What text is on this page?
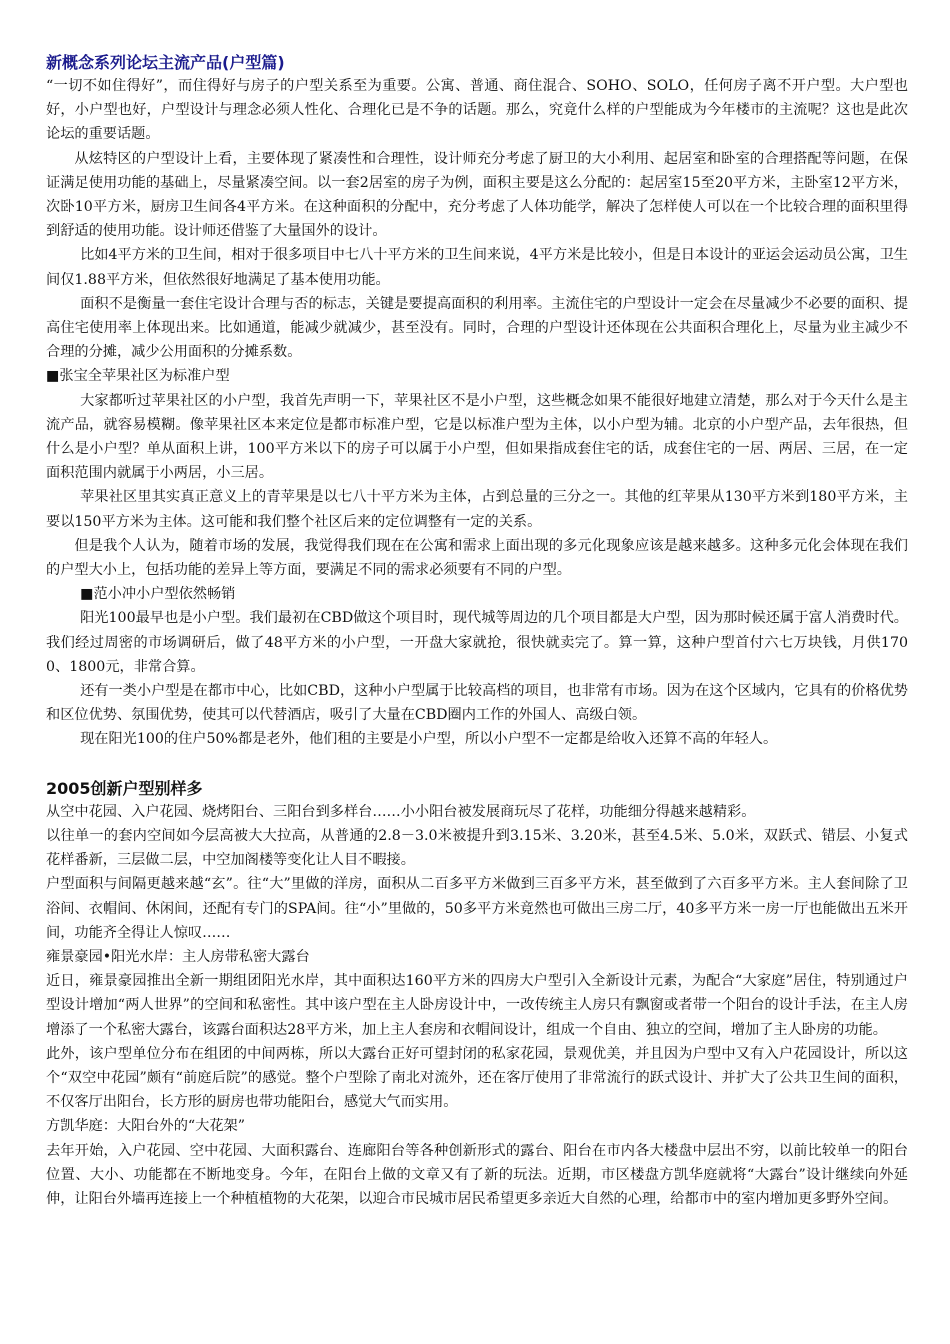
新概念系列论坛主流产品(户型篇)

“一切不如住得好”，而住得好与房子的户型关系至为重要。公寓、普通、商住混合、SOHO、SOLO，任何房子离不开户型。大户型也好，小户型也好，户型设计与理念必须人性化、合理化已是不争的话题。那么，究竟什么样的户型能成为今年楼市的主流呢？这也是此次论坛的重要话题。

从炫特区的户型设计上看，主要体现了紧凑性和合理性，设计师充分考虑了厨卫的大小利用、起居室和卧室的合理搭配等问题，在保证满足使用功能的基础上，尽量紧凑空间。以一套2居室的房子为例，面积主要是这么分配的：起居室15至20平方米，主卧室12平方米，次卧10平方米，厨房卫生间各4平方米。在这种面积的分配中，充分考虑了人体功能学，解决了怎样使人可以在一个比较合理的面积里得到舒适的使用功能。设计师还借鉴了大量国外的设计。

比如4平方米的卫生间，相对于很多项目中七八十平方米的卫生间来说，4平方米是比较小，但是日本设计的亚运会运动员公寓，卫生间仅1.88平方米，但依然很好地满足了基本使用功能。

面积不是衡量一套住宅设计合理与否的标志，关键是要提高面积的利用率。主流住宅的户型设计一定会在尽量减少不必要的面积、提高住宅使用率上体现出来。比如通道，能减少就减少，甚至没有。同时，合理的户型设计还体现在公共面积合理化上，尽量为业主减少不合理的分摊，减少公用面积的分摊系数。

■张宝全苹果社区为标准户型

大家都听过苹果社区的小户型，我首先声明一下，苹果社区不是小户型，这些概念如果不能很好地建立清楚，那么对于今天什么是主流产品，就容易模糊。像苹果社区本来定位是都市标准户型，它是以标准户型为主体，以小户型为辅。北京的小户型产品，去年很热，但什么是小户型？单从面积上讲，100平方米以下的房子可以属于小户型，但如果指成套住宅的话，成套住宅的一居、两居、三居，在一定面积范围内就属于小两居，小三居。

苹果社区里其实真正意义上的青苹果是以七八十平方米为主体，占到总量的三分之一。其他的红苹果从130平方米到180平方米，主要以150平方米为主体。这可能和我们整个社区后来的定位调整有一定的关系。

但是我个人认为，随着市场的发展，我觉得我们现在在公寓和需求上面出现的多元化现象应该是越来越多。这种多元化会体现在我们的户型大小上，包括功能的差异上等方面，要满足不同的需求必须要有不同的户型。

■范小冲小户型依然畅销

阳光100最早也是小户型。我们最初在CBD做这个项目时，现代城等周边的几个项目都是大户型，因为那时候还属于富人消费时代。我们经过周密的市场调研后，做了48平方米的小户型，一开盘大家就抢，很快就卖完了。算一算，这种户型首付六七万块钱，月供1700、1800元，非常合算。

还有一类小户型是在都市中心，比如CBD，这种小户型属于比较高档的项目，也非常有市场。因为在这个区域内，它具有的价格优势和区位优势、氛围优势，使其可以代替酒店，吸引了大量在CBD圈内工作的外国人、高级白领。

现在阳光100的住户50%都是老外，他们租的主要是小户型，所以小户型不一定都是给收入还算不高的年轻人。

2005创新户型别样多

从空中花园、入户花园、烧烤阳台、三阳台到多样台……小小阳台被发展商玩尽了花样，功能细分得越来越精彩。

以往单一的套内空间如今层高被大大拉高，从普通的2.8－3.0米被提升到3.15米、3.20米，甚至4.5米、5.0米，双跃式、错层、小复式花样番新，三层做二层，中空加阁楼等变化让人目不暇接。

户型面积与间隔更越来越“玄”。往“大”里做的洋房，面积从二百多平方米做到三百多平方米，甚至做到了六百多平方米。主人套间除了卫浴间、衣帽间、休闲间，还配有专门的SPA间。往“小”里做的，50多平方米竟然也可做出三房二厅，40多平方米一房一厅也能做出五米开间，功能齐全得让人惊叹……

雍景豪园•阳光水岸：主人房带私密大露台

近日，雍景豪园推出全新一期组团阳光水岸，其中面积达160平方米的四房大户型引入全新设计元素，为配合“大家庭”居住，特别通过户型设计增加“两人世界”的空间和私密性。其中该户型在主人卧房设计中，一改传统主人房只有飘窗或者带一个阳台的设计手法，在主人房增添了一个私密大露台，该露台面积达28平方米，加上主人套房和衣帽间设计，组成一个自由、独立的空间，增加了主人卧房的功能。

此外，该户型单位分布在组团的中间两栋，所以大露台正好可望封闭的私家花园，景观优美，并且因为户型中又有入户花园设计，所以这个“双空中花园”颇有“前庭后院”的感觉。整个户型除了南北对流外，还在客厅使用了非常流行的跃式设计、并扩大了公共卫生间的面积，不仅客厅出阳台，长方形的厨房也带功能阳台，感觉大气而实用。

方凯华庭：大阳台外的“大花架”

去年开始，入户花园、空中花园、大面积露台、连廊阳台等各种创新形式的露台、阳台在市内各大楼盘中层出不穷，以前比较单一的阳台位置、大小、功能都在不断地变身。今年，在阳台上做的文章又有了新的玩法。近期，市区楼盘方凯华庭就将“大露台”设计继续向外延伸，让阳台外墙再连接上一个种植植物的大花架，以迎合市民城市居民希望更多亲近大自然的心理，给都市中的室内增加更多野外空间。
